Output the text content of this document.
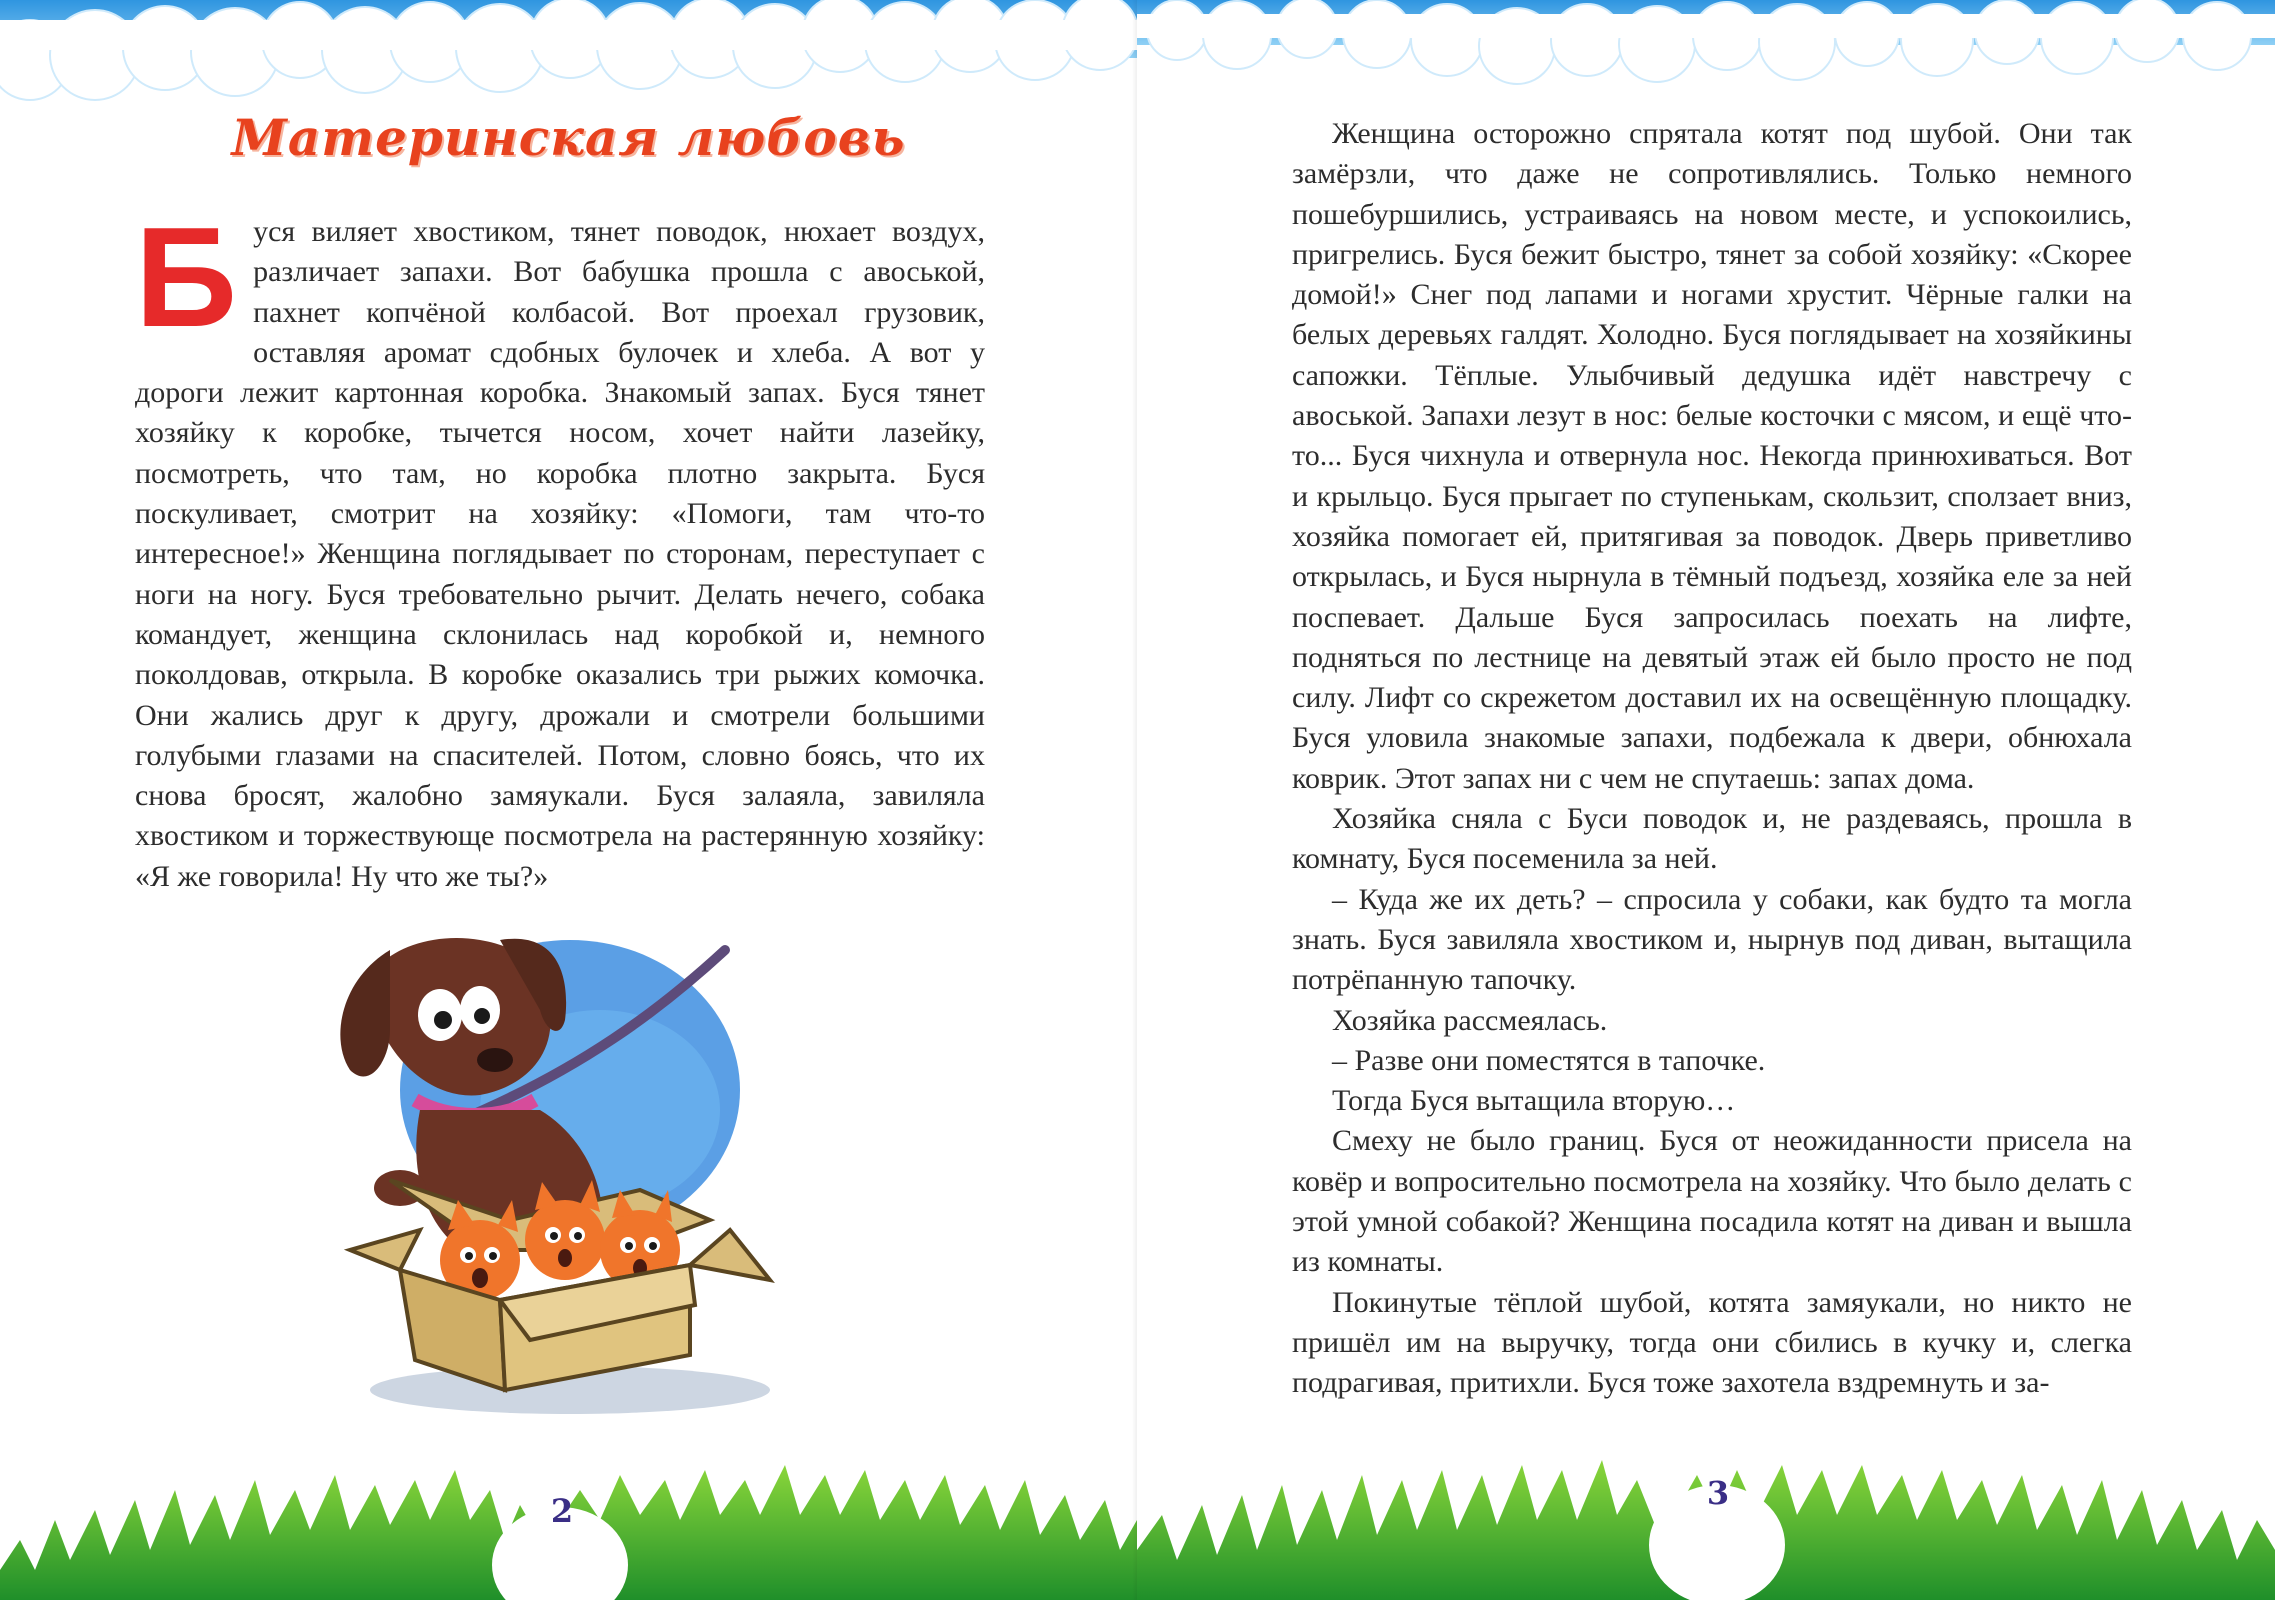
Материнская любовь
Буся виляет хвостиком, тянет поводок, нюхает воздух, различает запахи. Вот бабушка прошла с авоськой, пахнет копчёной колбасой. Вот проехал грузовик, оставляя аромат сдобных булочек и хлеба. А вот у дороги лежит картонная коробка. Знакомый запах. Буся тянет хозяйку к коробке, тычется носом, хочет найти лазейку, посмотреть, что там, но коробка плотно закрыта. Буся поскуливает, смотрит на хозяйку: «Помоги, там что-то интересное!» Женщина поглядывает по сторонам, переступает с ноги на ногу. Буся требовательно рычит. Делать нечего, собака командует, женщина склонилась над коробкой и, немного поколдовав, открыла. В коробке оказались три рыжих комочка. Они жались друг к другу, дрожали и смотрели большими голубыми глазами на спасителей. Потом, словно боясь, что их снова бросят, жалобно замяукали. Буся залаяла, завиляла хвостиком и торжествующе посмотрела на растерянную хозяйку: «Я же говорила! Ну что же ты?»
2

Женщина осторожно спрятала котят под шубой. Они так замёрзли, что даже не сопротивлялись. Только немного пошебуршились, устраиваясь на новом месте, и успокоились, пригрелись. Буся бежит быстро, тянет за собой хозяйку: «Скорее домой!» Снег под лапами и ногами хрустит. Чёрные галки на белых деревьях галдят. Холодно. Буся поглядывает на хозяйкины сапожки. Тёплые. Улыбчивый дедушка идёт навстречу с авоськой. Запахи лезут в нос: белые косточки с мясом, и ещё что-то... Буся чихнула и отвернула нос. Некогда принюхиваться. Вот и крыльцо. Буся прыгает по ступенькам, скользит, сползает вниз, хозяйка помогает ей, притягивая за поводок. Дверь приветливо открылась, и Буся нырнула в тёмный подъезд, хозяйка еле за ней поспевает. Дальше Буся запросилась поехать на лифте, подняться по лестнице на девятый этаж ей было просто не под силу. Лифт со скрежетом доставил их на освещённую площадку. Буся уловила знакомые запахи, подбежала к двери, обнюхала коврик. Этот запах ни с чем не спутаешь: запах дома.

Хозяйка сняла с Буси поводок и, не раздеваясь, прошла в комнату, Буся посеменила за ней.

– Куда же их деть? – спросила у собаки, как будто та могла знать. Буся завиляла хвостиком и, нырнув под диван, вытащила потрёпанную тапочку.

Хозяйка рассмеялась.

– Разве они поместятся в тапочке.

Тогда Буся вытащила вторую…

Смеху не было границ. Буся от неожиданности присела на ковёр и вопросительно посмотрела на хозяйку. Что было делать с этой умной собакой? Женщина посадила котят на диван и вышла из комнаты.

Покинутые тёплой шубой, котята замяукали, но никто не пришёл им на выручку, тогда они сбились в кучку и, слегка подрагивая, притихли. Буся тоже захотела вздремнуть и за-

3
